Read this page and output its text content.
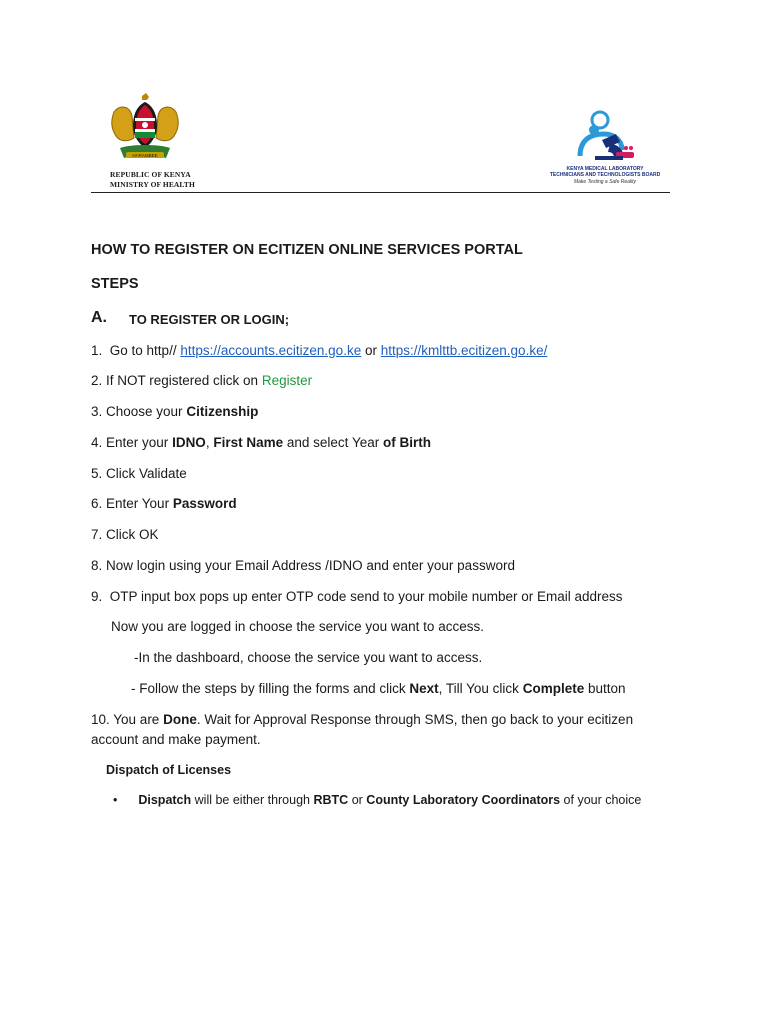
HARAMBEE
REPUBLIC OF KENYA
MINISTRY OF HEALTH
KENYA MEDICAL LABORATORY
TECHNICIANS AND TECHNOLOGISTS BOARD
Make Testing a Safe Reality
HOW TO REGISTER ON ECITIZEN ONLINE SERVICES PORTAL
STEPS
A. TO REGISTER OR LOGIN;
1. Go to http// https://accounts.ecitizen.go.ke or https://kmlttb.ecitizen.go.ke/
2. If NOT registered click on Register
3. Choose your Citizenship
4. Enter your IDNO, First Name and select Year of Birth
5. Click Validate
6. Enter Your Password
7. Click OK
8. Now login using your Email Address /IDNO and enter your password
9.  OTP input box pops up enter OTP code send to your mobile number or Email address
Now you are logged in choose the service you want to access.
-In the dashboard, choose the service you want to access.
- Follow the steps by filling the forms and click Next, Till You click Complete button
10. You are Done. Wait for Approval Response through SMS, then go back to your ecitizen
account and make payment.
Dispatch of Licenses
• Dispatch will be either through RBTC or County Laboratory Coordinators of your choice
